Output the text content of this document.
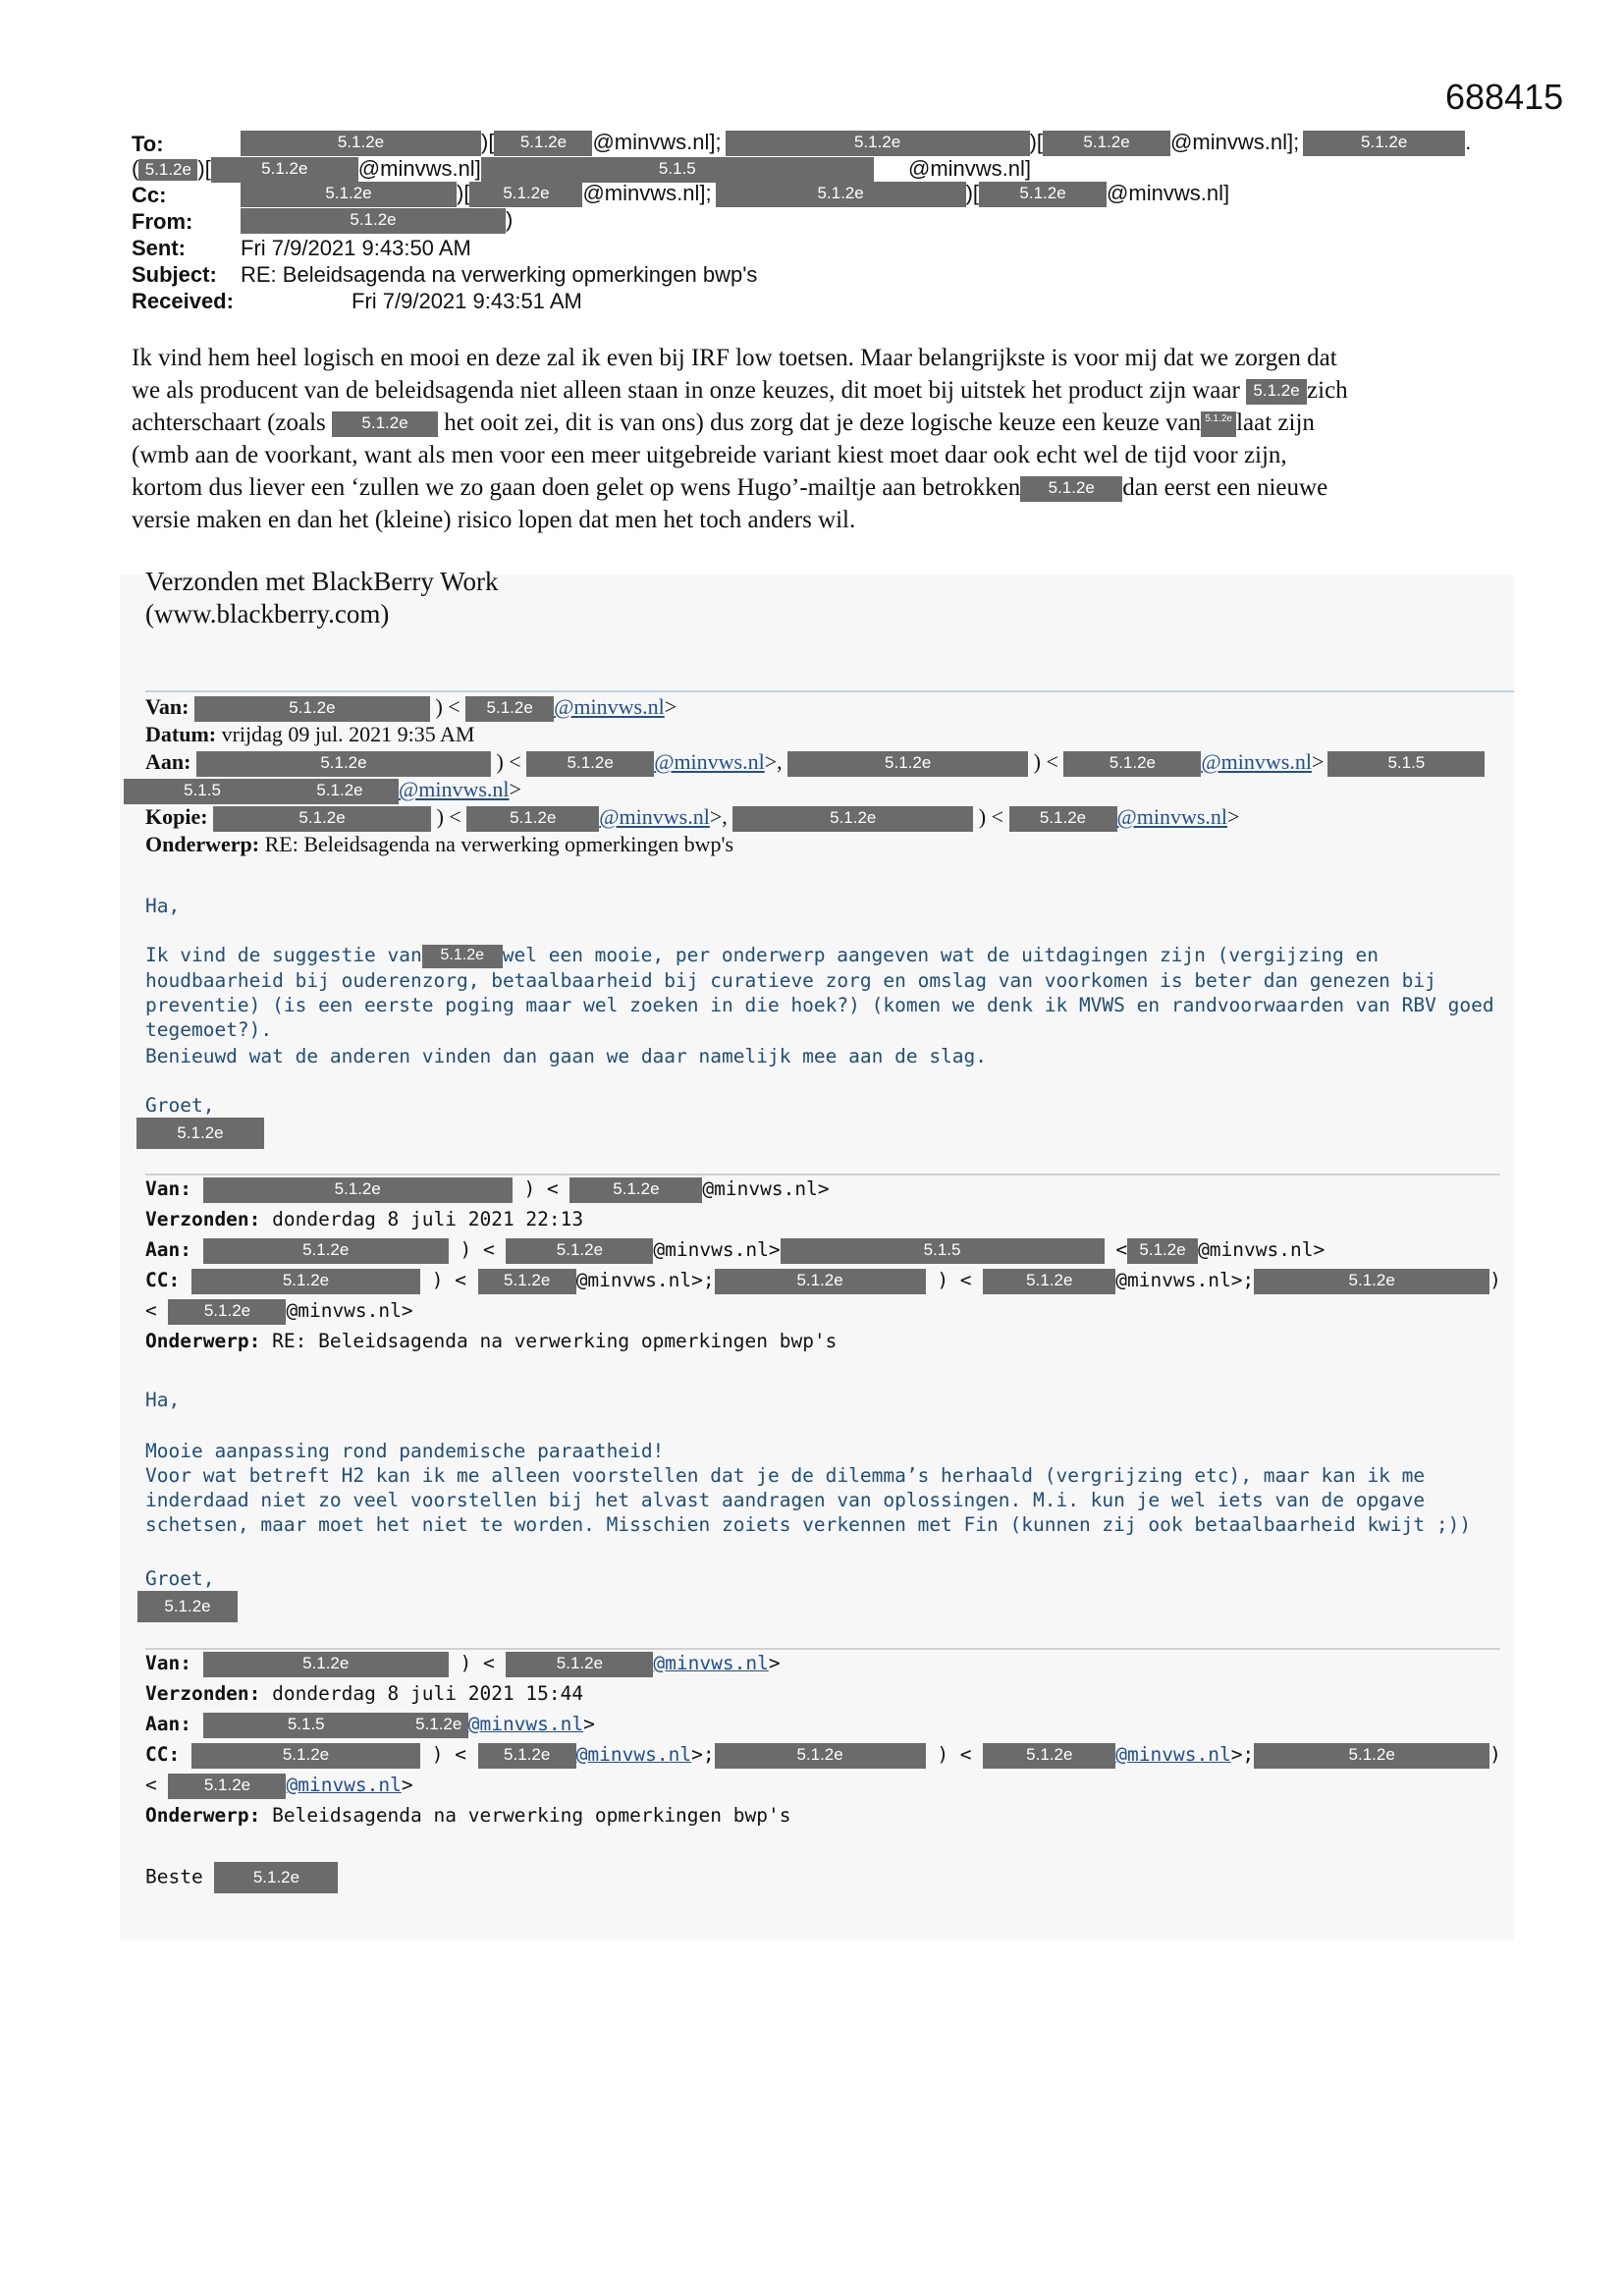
688415
To:	5.1.2e	)[ 5.1.2e @minvws.nl];	5.1.2e	)[ 5.1.2e @minvws.nl];	5.1.2e	.
( 5.1.2e )[	5.1.2e @minvws.nl]	5.1.5	@minvws.nl]
Cc:	5.1.2e	)[ 5.1.2e @minvws.nl];	5.1.2e	)[ 5.1.2e @minvws.nl]
From:	5.1.2e	)
Sent:	Fri 7/9/2021 9:43:50 AM
Subject: RE: Beleidsagenda na verwerking opmerkingen bwp's
Received:	Fri 7/9/2021 9:43:51 AM
Ik vind hem heel logisch en mooi en deze zal ik even bij IRF low toetsen. Maar belangrijkste is voor mij dat we zorgen dat
we als producent van de beleidsagenda niet alleen staan in onze keuzes, dit moet bij uitstek het product zijn waar 5.1.2e zich
achterschaart (zoals 5.1.2e het ooit zei, dit is van ons) dus zorg dat je deze logische keuze een keuze van 5.1.2e laat zijn
(wmb aan de voorkant, want als men voor een meer uitgebreide variant kiest moet daar ook echt wel de tijd voor zijn,
kortom dus liever een ‘zullen we zo gaan doen gelet op wens Hugo’-mailtje aan betrokken 5.1.2e dan eerst een nieuwe
versie maken en dan het (kleine) risico lopen dat men het toch anders wil.
Verzonden met BlackBerry Work
(www.blackberry.com)
Van:	5.1.2e	) < 5.1.2e @minvws.nl>
Datum: vrijdag 09 jul. 2021 9:35 AM
Aan:	5.1.2e	) < 5.1.2e @minvws.nl>,	5.1.2e	) <	5.1.2e @minvws.nl>	5.1.5
5.1.5	5.1.2e @minvws.nl>
Kopie:	5.1.2e	) <	5.1.2e @minvws.nl>,	5.1.2e	) < 5.1.2e @minvws.nl>
Onderwerp: RE: Beleidsagenda na verwerking opmerkingen bwp's
Ha,
Ik vind de suggestie van 5.1.2e wel een mooie, per onderwerp aangeven wat de uitdagingen zijn (vergijzing en houdbaarheid bij ouderenzorg, betaalbaarheid bij curatieve zorg en omslag van voorkomen is beter dan genezen bij preventie) (is een eerste poging maar wel zoeken in die hoek?) (komen we denk ik MVWS en randvoorwaarden van RBV goed tegemoet?).
Benieuwd wat de anderen vinden dan gaan we daar namelijk mee aan de slag.
Groet,
5.1.2e
Van:	5.1.2e	) <	5.1.2e @minvws.nl>
Verzonden: donderdag 8 juli 2021 22:13
Aan:	5.1.2e	) <	5.1.2e	@minvws.nl>	5.1.5	< 5.1.2e @minvws.nl>
CC:	5.1.2e	) < 5.1.2e @minvws.nl>;	5.1.2e	) <	5.1.2e @minvws.nl>;	5.1.2e	)
< 5.1.2e @minvws.nl>
Onderwerp: RE: Beleidsagenda na verwerking opmerkingen bwp's
Ha,
Mooie aanpassing rond pandemische paraatheid!
Voor wat betreft H2 kan ik me alleen voorstellen dat je de dilemma’s herhaald (vergrijzing etc), maar kan ik me inderdaad niet zo veel voorstellen bij het alvast aandragen van oplossingen. M.i. kun je wel iets van de opgave schetsen, maar moet het niet te worden. Misschien zoiets verkennen met Fin (kunnen zij ook betaalbaarheid kwijt ;))
Groet,
5.1.2e
Van:	5.1.2e	) <	5.1.2e	@minvws.nl>
Verzonden: donderdag 8 juli 2021 15:44
Aan:	5.1.5	5.1.2e @minvws.nl>
CC:	5.1.2e	) < 5.1.2e @minvws.nl>;	5.1.2e	) <	5.1.2e @minvws.nl>;	5.1.2e	)
< 5.1.2e @minvws.nl>
Onderwerp: Beleidsagenda na verwerking opmerkingen bwp's
Beste	5.1.2e
